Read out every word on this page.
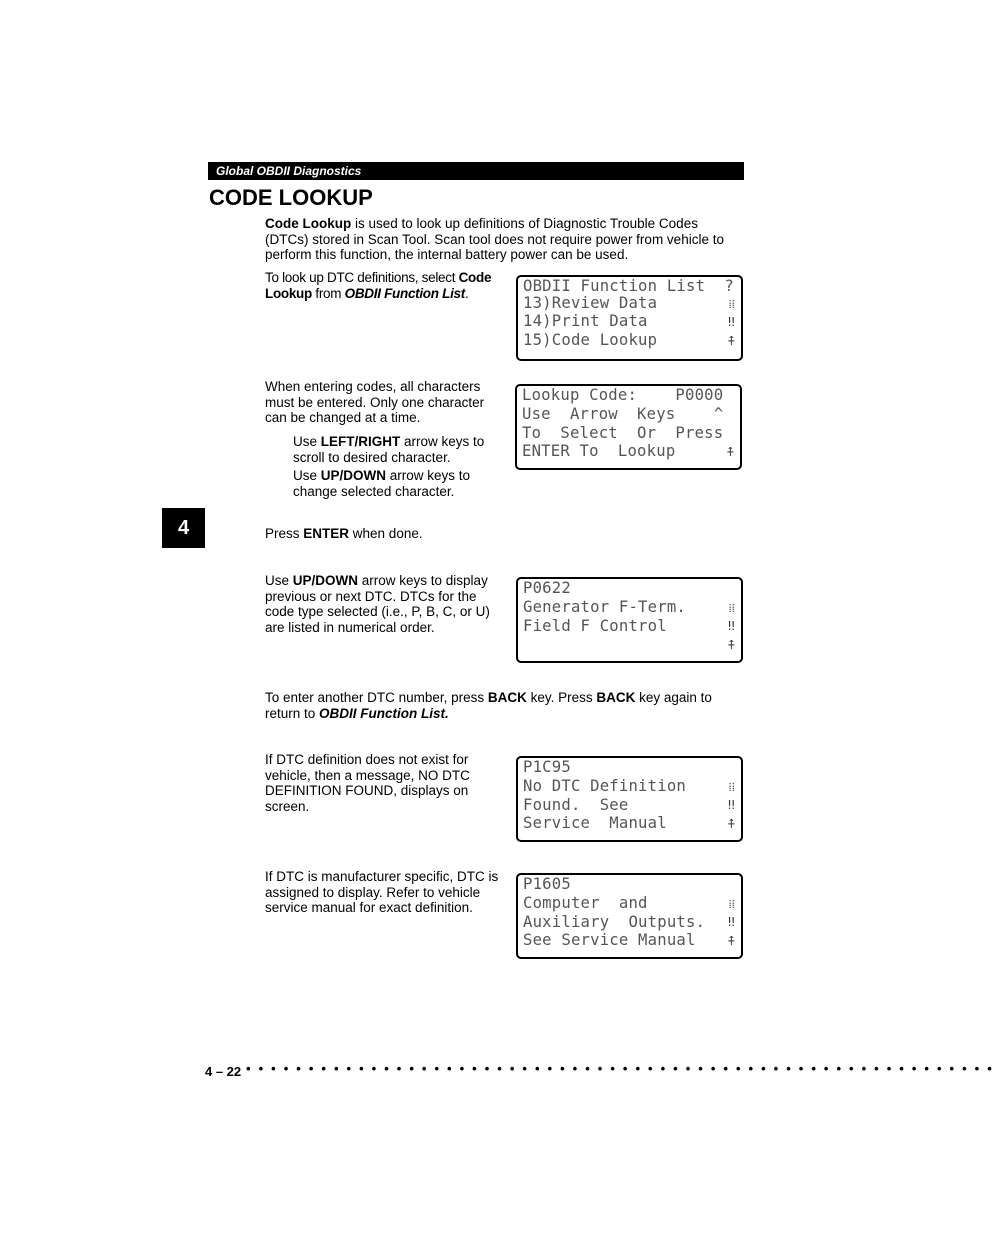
Global OBDII Diagnostics
CODE LOOKUP
Code Lookup is used to look up definitions of Diagnostic Trouble Codes (DTCs) stored in Scan Tool. Scan tool does not require power from vehicle to perform this function, the internal battery power can be used.
To look up DTC definitions, select Code Lookup from OBDII Function List.	OBDII Function List  ?
13)Review Data
14)Print Data
15)Code Lookup
⁞⁞
‼
⍏
When entering codes, all characters must be entered. Only one character can be changed at a time.
Use LEFT/RIGHT arrow keys to scroll to desired character.
Use UP/DOWN arrow keys to change selected character.
Lookup Code:    P0000
Use  Arrow  Keys    ^
To  Select  Or  Press
ENTER To  Lookup	⍏
4	Press ENTER when done.
Use UP/DOWN arrow keys to display previous or next DTC. DTCs for the code type selected (i.e., P, B, C, or U) are listed in numerical order.
P0622
Generator F-Term.
Field F Control
⁞⁞
‼
⍏
To enter another DTC number, press BACK key. Press BACK key again to return to OBDII Function List.
If DTC definition does not exist for vehicle, then a message, NO DTC DEFINITION FOUND, displays on screen.
P1C95
No DTC Definition
Found.  See
Service  Manual
⁞⁞
‼
⍏
If DTC is manufacturer specific, DTC is assigned to display. Refer to vehicle service manual for exact definition.
P1605
Computer  and
Auxiliary  Outputs.
See Service Manual
⁞⁞
‼
⍏
4 – 22 • • • • • • • • • • • • • • • • • • • • • • • • • • • • • • • • • • • • • • • • • • • • • • • • • • • • • • • • • • • •
